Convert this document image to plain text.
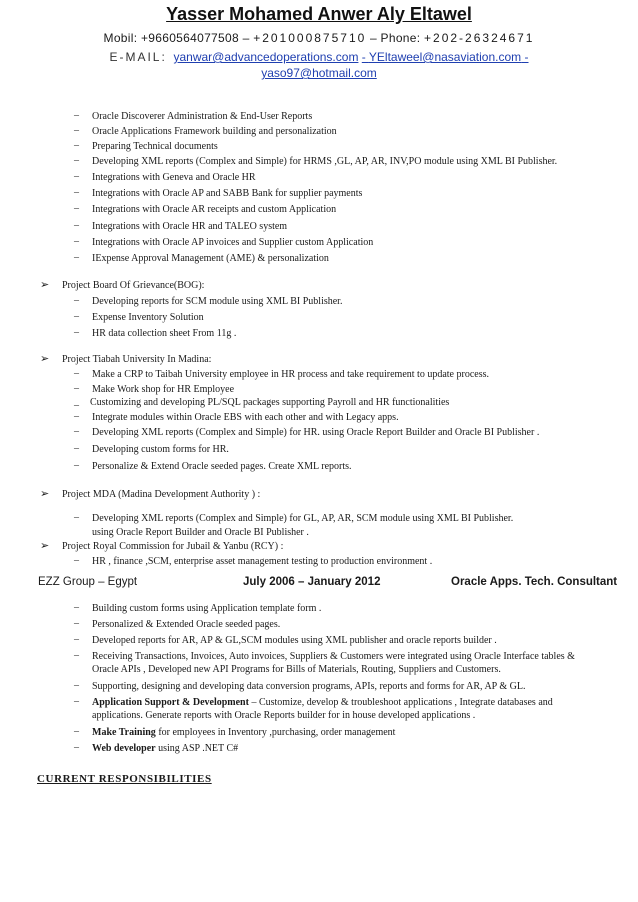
Yasser Mohamed Anwer Aly Eltawel
Mobil: +9660564077508 – +201000875710 – Phone: +202-26324671
E-MAIL: yanwar@advancedoperations.com - YEltaweel@nasaviation.com -
yaso97@hotmail.com
– Oracle Discoverer Administration & End-User Reports
– Oracle Applications Framework building and personalization
– Preparing Technical documents
– Developing XML reports (Complex and Simple) for HRMS ,GL, AP, AR, INV,PO module using XML BI Publisher.
– Integrations with Geneva and Oracle HR
– Integrations with Oracle AP and SABB Bank for supplier payments
– Integrations with Oracle AR receipts and custom Application
– Integrations with Oracle HR and TALEO system
– Integrations with Oracle AP invoices and Supplier custom Application
– IExpense Approval Management (AME) & personalization
➢ Project Board Of Grievance(BOG):
– Developing reports for SCM module using XML BI Publisher.
– Expense Inventory Solution
– HR data collection sheet From 11g .
➢ Project Tiabah University In Madina:
– Make a CRP to Taibah University employee in HR process and take requirement to update process.
– Make Work shop for HR Employee
_ Customizing and developing PL/SQL packages supporting Payroll and HR functionalities
– Integrate modules within Oracle EBS with each other and with Legacy apps.
– Developing XML reports (Complex and Simple) for HR. using Oracle Report Builder and Oracle BI Publisher .
– Developing custom forms for HR.
– Personalize & Extend Oracle seeded pages. Create XML reports.
➢ Project MDA (Madina Development Authority ) :
– Developing XML reports (Complex and Simple) for GL, AP, AR, SCM module using XML BI Publisher.
using Oracle Report Builder and Oracle BI Publisher .
➢ Project Royal Commission for Jubail & Yanbu (RCY) :
– HR , finance ,SCM, enterprise asset management testing to production environment .
EZZ Group – Egypt	July 2006 – January 2012	Oracle Apps. Tech. Consultant
– Building custom forms using Application template form .
– Personalized & Extended Oracle seeded pages.
– Developed reports for AR, AP & GL,SCM modules using XML publisher and oracle reports builder .
– Receiving Transactions, Invoices, Auto invoices, Suppliers & Customers were integrated using Oracle Interface tables &
Oracle APIs , Developed new API Programs for Bills of Materials, Routing, Suppliers and Customers.
– Supporting, designing and developing data conversion programs, APIs, reports and forms for AR, AP & GL.
– Application Support & Development – Customize, develop & troubleshoot applications , Integrate databases and
applications. Generate reports with Oracle Reports builder for in house developed applications .
– Make Training for employees in Inventory ,purchasing, order management
– Web developer using ASP .NET C#
CURRENT RESPONSIBILITIES
